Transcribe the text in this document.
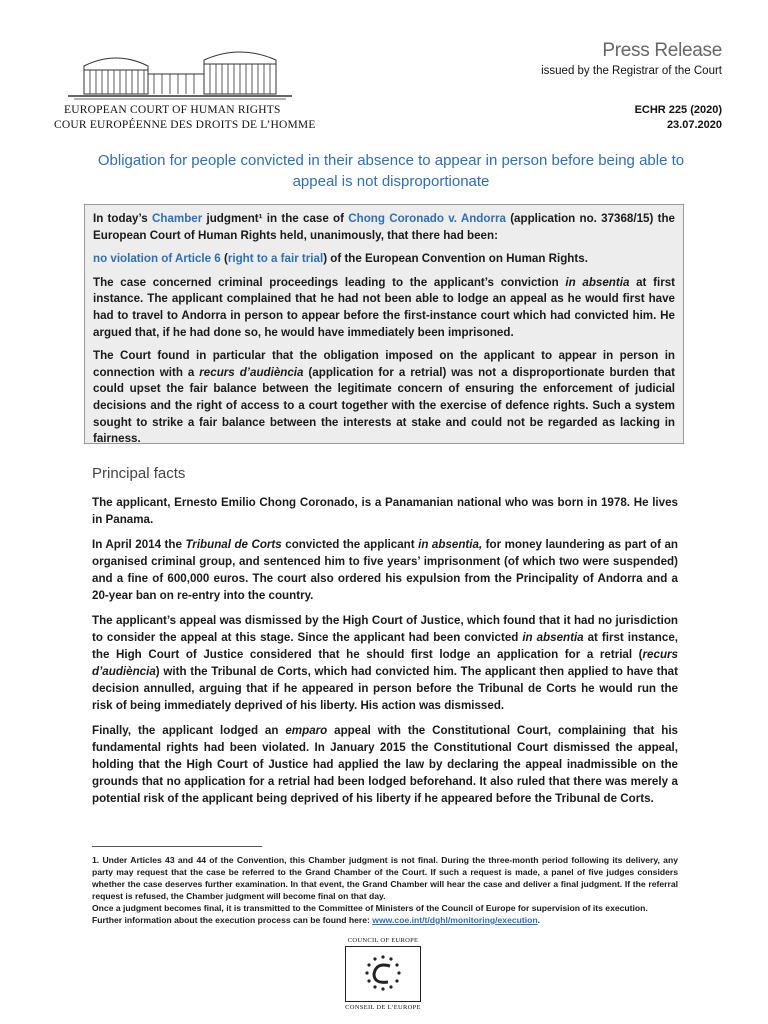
EUROPEAN COURT OF HUMAN RIGHTS
COUR EUROPÉENNE DES DROITS DE L’HOMME
Press Release
issued by the Registrar of the Court
ECHR 225 (2020)
23.07.2020
Obligation for people convicted in their absence to appear in person before being able to appeal is not disproportionate

In today’s Chamber judgment¹ in the case of Chong Coronado v. Andorra (application no. 37368/15) the European Court of Human Rights held, unanimously, that there had been:

no violation of Article 6 (right to a fair trial) of the European Convention on Human Rights.

The case concerned criminal proceedings leading to the applicant’s conviction in absentia at first instance. The applicant complained that he had not been able to lodge an appeal as he would first have had to travel to Andorra in person to appear before the first-instance court which had convicted him. He argued that, if he had done so, he would have immediately been imprisoned.

The Court found in particular that the obligation imposed on the applicant to appear in person in connection with a recurs d’audiència (application for a retrial) was not a disproportionate burden that could upset the fair balance between the legitimate concern of ensuring the enforcement of judicial decisions and the right of access to a court together with the exercise of defence rights. Such a system sought to strike a fair balance between the interests at stake and could not be regarded as lacking in fairness.

Principal facts

The applicant, Ernesto Emilio Chong Coronado, is a Panamanian national who was born in 1978. He lives in Panama.

In April 2014 the Tribunal de Corts convicted the applicant in absentia, for money laundering as part of an organised criminal group, and sentenced him to five years’ imprisonment (of which two were suspended) and a fine of 600,000 euros. The court also ordered his expulsion from the Principality of Andorra and a 20-year ban on re-entry into the country.

The applicant’s appeal was dismissed by the High Court of Justice, which found that it had no jurisdiction to consider the appeal at this stage. Since the applicant had been convicted in absentia at first instance, the High Court of Justice considered that he should first lodge an application for a retrial (recurs d’audiència) with the Tribunal de Corts, which had convicted him. The applicant then applied to have that decision annulled, arguing that if he appeared in person before the Tribunal de Corts he would run the risk of being immediately deprived of his liberty. His action was dismissed.

Finally, the applicant lodged an emparo appeal with the Constitutional Court, complaining that his fundamental rights had been violated. In January 2015 the Constitutional Court dismissed the appeal, holding that the High Court of Justice had applied the law by declaring the appeal inadmissible on the grounds that no application for a retrial had been lodged beforehand. It also ruled that there was merely a potential risk of the applicant being deprived of his liberty if he appeared before the Tribunal de Corts.

1. Under Articles 43 and 44 of the Convention, this Chamber judgment is not final. During the three-month period following its delivery, any party may request that the case be referred to the Grand Chamber of the Court. If such a request is made, a panel of five judges considers whether the case deserves further examination. In that event, the Grand Chamber will hear the case and deliver a final judgment. If the referral request is refused, the Chamber judgment will become final on that day.

Once a judgment becomes final, it is transmitted to the Committee of Ministers of the Council of Europe for supervision of its execution.

Further information about the execution process can be found here: www.coe.int/t/dghl/monitoring/execution.

COUNCIL OF EUROPE
CONSEIL DE L’EUROPE
